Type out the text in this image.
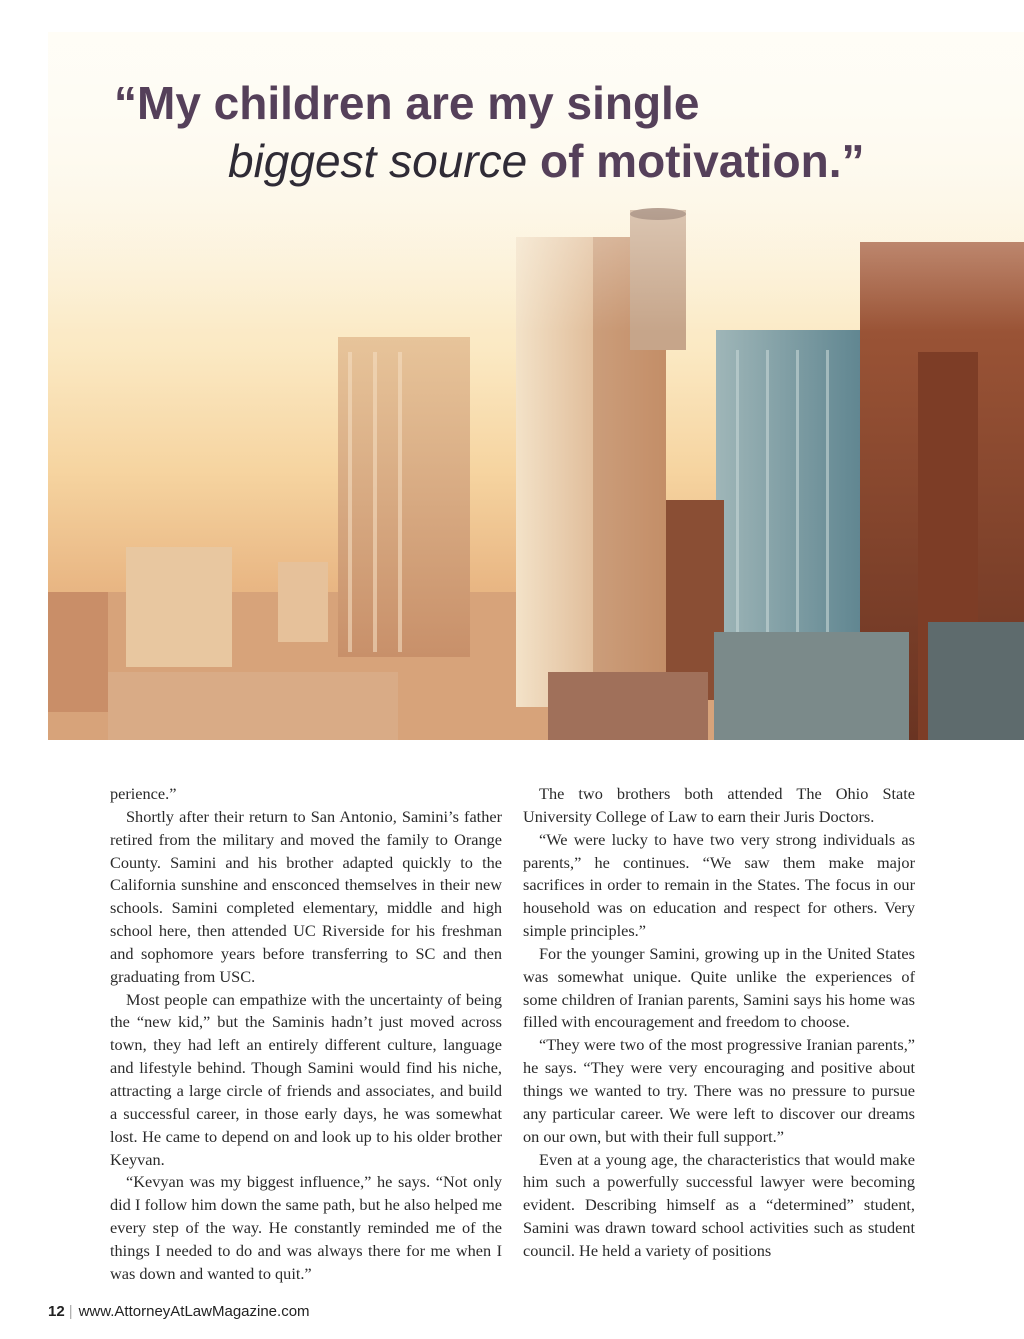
“My children are my single
biggest source of motivation.”

perience.”

Shortly after their return to San Antonio, Samini’s father retired from the military and moved the family to Orange County. Samini and his brother adapted quickly to the California sunshine and ensconced themselves in their new schools. Samini completed elementary, middle and high school here, then attended UC Riverside for his freshman and sophomore years before transferring to SC and then graduating from USC.

Most people can empathize with the uncertainty of being the “new kid,” but the Saminis hadn’t just moved across town, they had left an entirely different culture, language and lifestyle behind. Though Samini would find his niche, attracting a large circle of friends and associates, and build a successful career, in those early days, he was somewhat lost. He came to depend on and look up to his older brother Keyvan.

“Kevyan was my biggest influence,” he says. “Not only did I follow him down the same path, but he also helped me every step of the way. He constantly reminded me of the things I needed to do and was always there for me when I was down and wanted to quit.”

The two brothers both attended The Ohio State University College of Law to earn their Juris Doctors.

“We were lucky to have two very strong individuals as parents,” he continues. “We saw them make major sacrifices in order to remain in the States. The focus in our household was on education and respect for others. Very simple principles.”

For the younger Samini, growing up in the United States was somewhat unique. Quite unlike the experiences of some children of Iranian parents, Samini says his home was filled with encouragement and freedom to choose.

“They were two of the most progressive Iranian parents,” he says. “They were very encouraging and positive about things we wanted to try. There was no pressure to pursue any particular career. We were left to discover our dreams on our own, but with their full support.”

Even at a young age, the characteristics that would make him such a powerfully successful lawyer were becoming evident. Describing himself as a “determined” student, Samini was drawn toward school activities such as student council. He held a variety of positions

12 | www.AttorneyAtLawMagazine.com
